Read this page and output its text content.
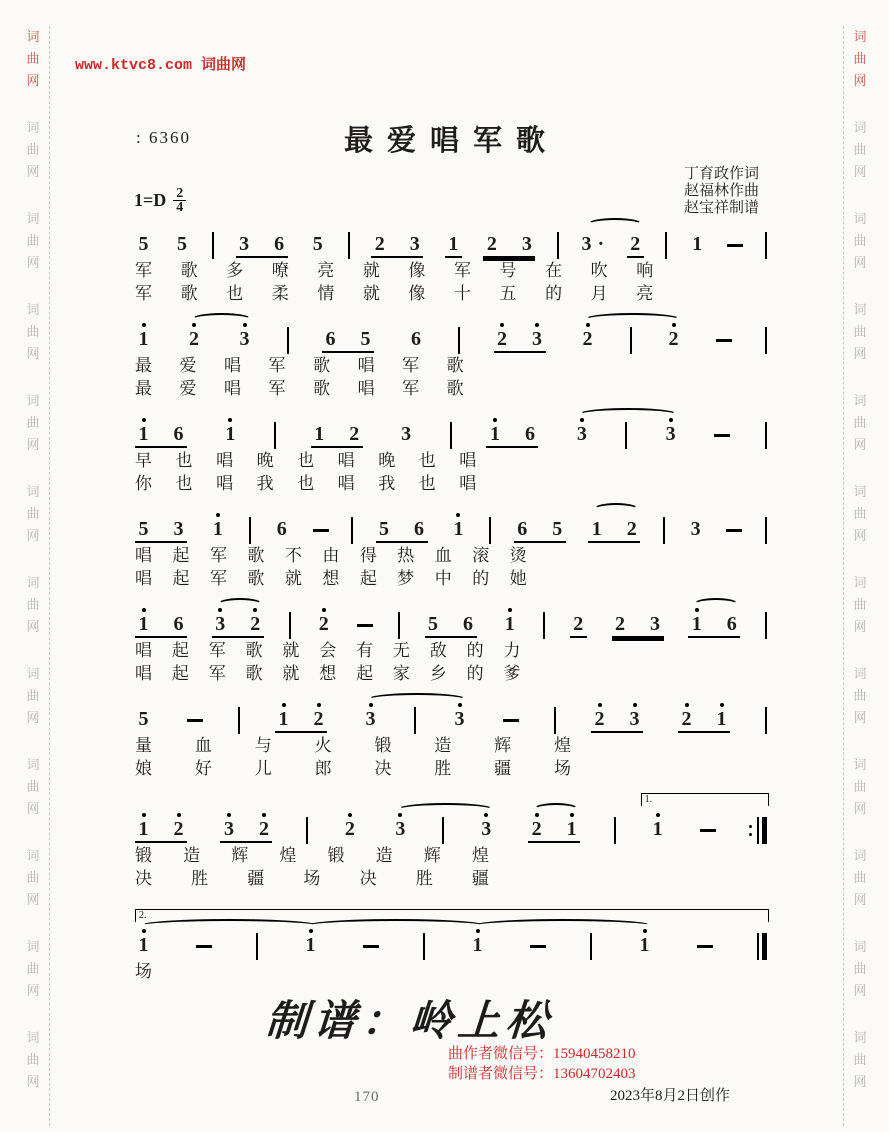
词
曲
网
词
曲
网
词
曲
网
词
曲
网
词
曲
网
词
曲
网
词
曲
网
词
曲
网
词
曲
网
词
曲
网
词
曲
网
词
曲
网
词
曲
网
词
曲
网
词
曲
网
词
曲
网
词
曲
网
词
曲
网
词
曲
网
词
曲
网
词
曲
网
词
曲
网
词
曲
网
词
曲
网
www.ktvc8.com 词曲网
: 6360	最爱唱军歌
丁育政作词
赵福林作曲
赵宝祥制谱
$1=D \frac{2}{4}$
5 5	3 6 5	2 3 1 2 3 3 · 2	1
军 歌 多 嘹 亮 就 像 军 号 在 吹 响
军 歌 也 柔 情 就 像 十 五 的 月 亮
1 2 3	6 5 6	2 3 2	2
最 爱 唱 军 歌 唱 军 歌
最 爱 唱 军 歌 唱 军 歌
1 6 1	1 2 3	1 6 3	3
早 也 唱 晚 也 唱 晚 也 唱
你 也 唱 我 也 唱 我 也 唱
5 3 1	6	5 6 1	6 5 1 2	3
唱 起 军 歌 不 由 得 热 血 滚 烫
唱 起 军 歌 就 想 起 梦 中 的 她
1 6 3 2	2	5 6 1	2 2 3 1 6
唱 起 军 歌 就 会 有 无 敌 的 力
唱 起 军 歌 就 想 起 家 乡 的 爹
5	1 2 3	3	2 3 2 1
量	血	与	火	锻	造	辉	煌
娘	好	儿	郎	决	胜	疆	场
1 2 3 2	2 3	3 2 1	1
1.
锻 造 辉 煌 锻 造 辉 煌
决 胜 疆 场 决 胜 疆
1	1	1	1
2.
场
制谱：岭上松
曲作者微信号：15940458210
制谱者微信号：13604702403
170	2023年8月2日创作
